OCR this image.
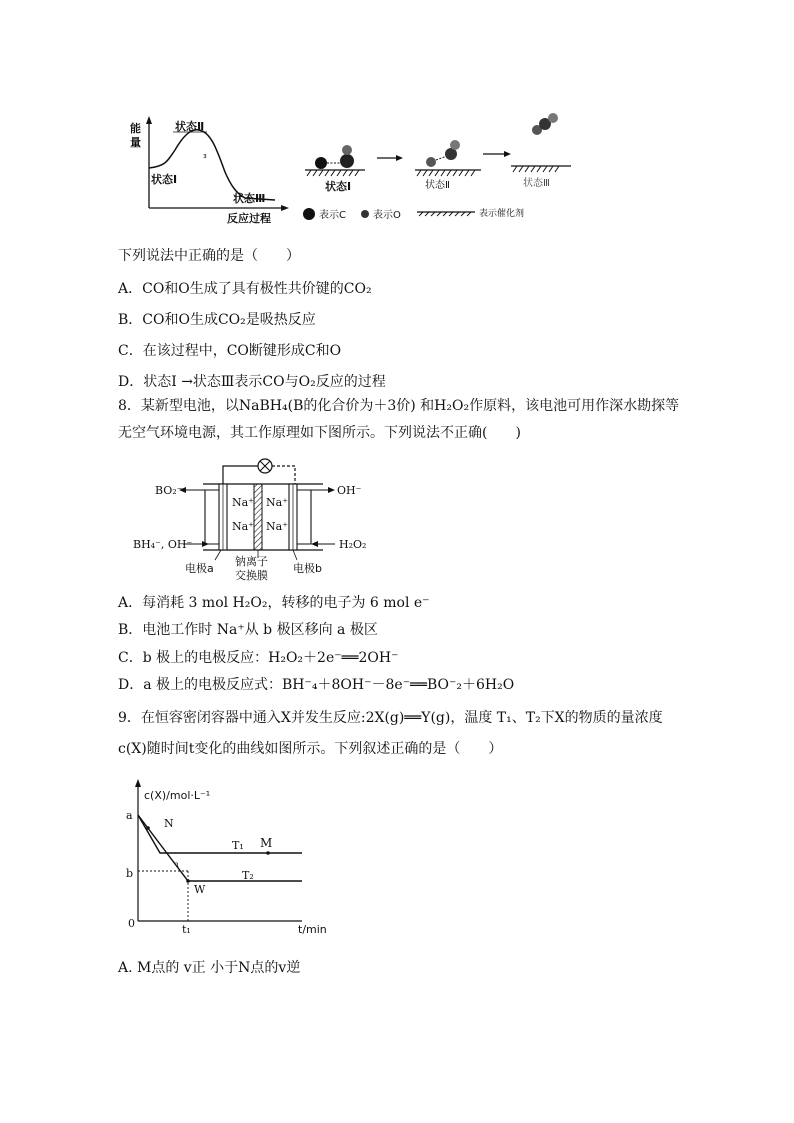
能
量
状态Ⅱ
状态Ⅰ
状态Ⅲ
ɜ
反应过程
状态Ⅰ	状态Ⅱ	状态Ⅲ
表示C	表示O	表示催化剂
下列说法中正确的是（　　）
A．CO和O生成了具有极性共价键的CO₂
B．CO和O生成CO₂是吸热反应
C．在该过程中，CO断键形成C和O
D．状态Ⅰ →状态Ⅲ表示CO与O₂反应的过程
8．某新型电池，以NaBH₄(B的化合价为＋3价) 和H₂O₂作原料，该电池可用作深水勘探等
无空气环境电源，其工作原理如下图所示。下列说法不正确(　　)
Na⁺
Na⁺
Na⁺
Na⁺
BO₂⁻
BH₄⁻, OH⁻
OH⁻
H₂O₂
电极a
钠离子
交换膜
电极b
A．每消耗 3 mol H₂O₂，转移的电子为 6 mol e⁻
B．电池工作时 Na⁺从 b 极区移向 a 极区
C．b 极上的电极反应：H₂O₂＋2e⁻══2OH⁻
D．a 极上的电极反应式：BH⁻₄＋8OH⁻－8e⁻══BO⁻₂＋6H₂O
9．在恒容密闭容器中通入X并发生反应:2X(g)══Y(g)，温度 T₁、T₂下X的物质的量浓度
c(X)随时间t变化的曲线如图所示。下列叙述正确的是（　　）
c(X)/mol·L⁻¹
t/min
a
b
0	t₁
N
M
T₁
T₂
W
ɿ
A. M点的 v正 小于N点的v逆
